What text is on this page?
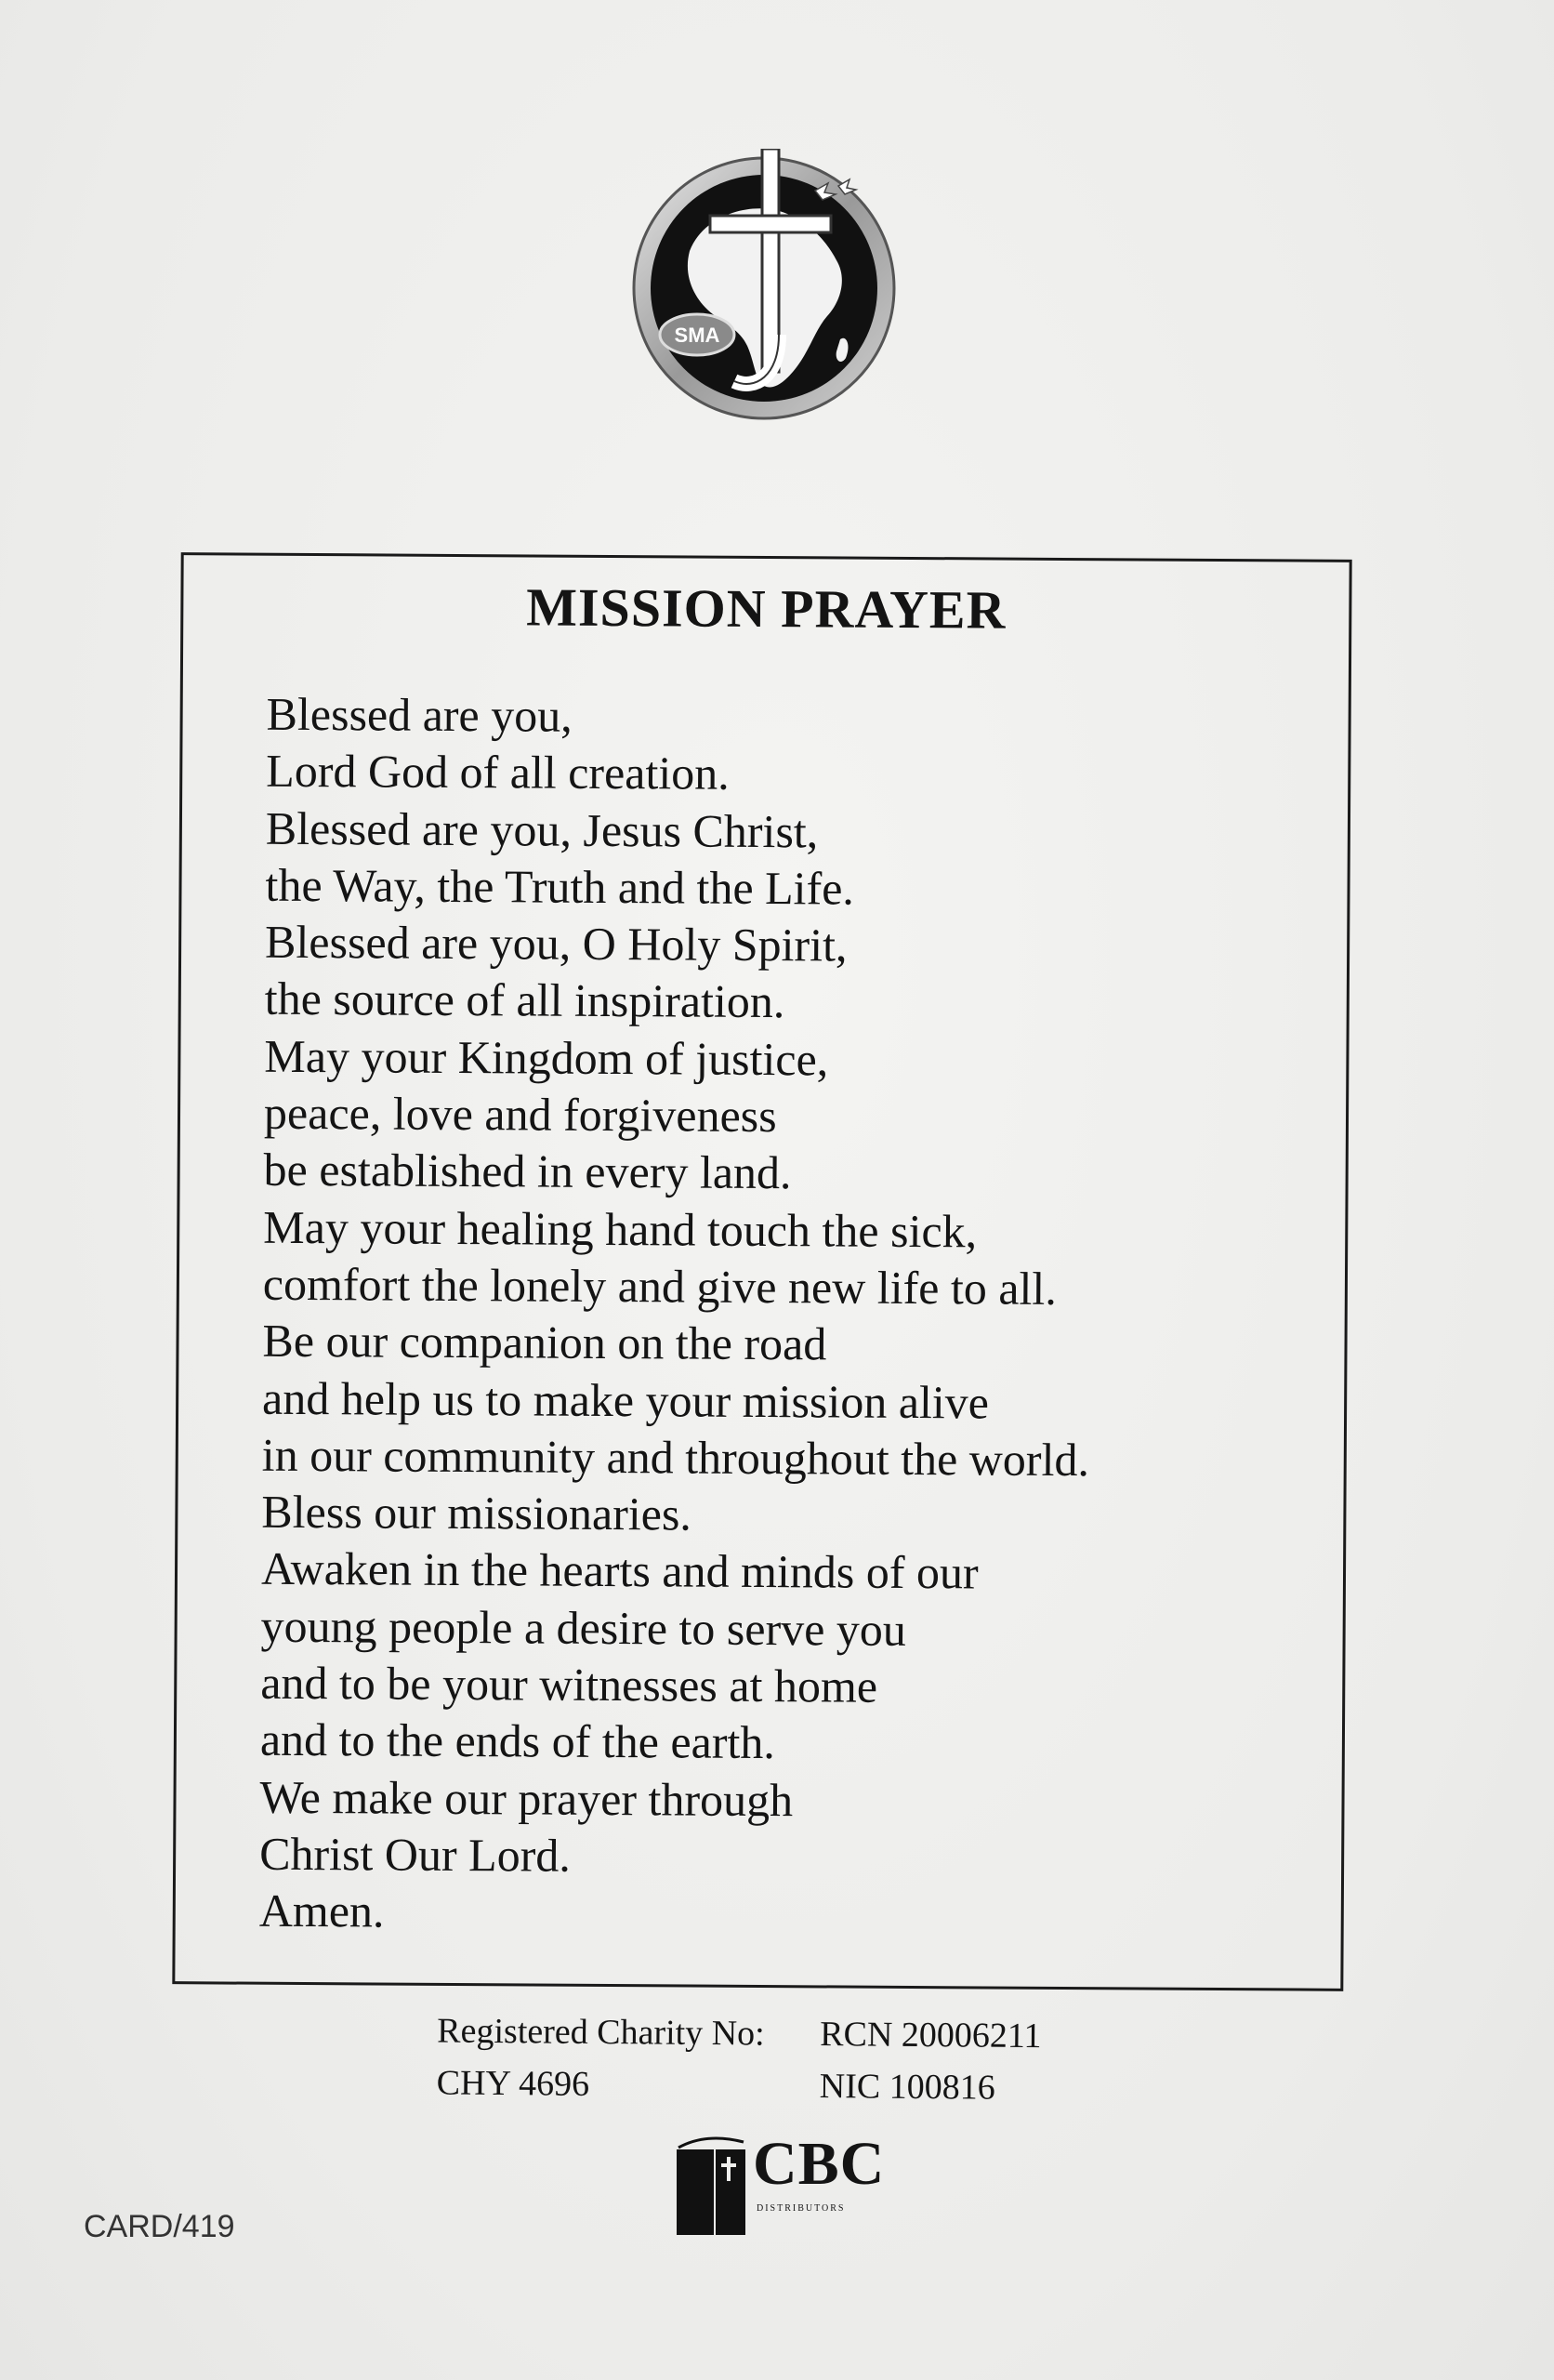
SMA
MISSION PRAYER
Blessed are you,
Lord God of all creation.
Blessed are you, Jesus Christ,
the Way, the Truth and the Life.
Blessed are you, O Holy Spirit,
the source of all inspiration.
May your Kingdom of justice,
peace, love and forgiveness
be established in every land.
May your healing hand touch the sick,
comfort the lonely and give new life to all.
Be our companion on the road
and help us to make your mission alive
in our community and throughout the world.
Bless our missionaries.
Awaken in the hearts and minds of our
young people a desire to serve you
and to be your witnesses at home
and to the ends of the earth.
We make our prayer through
Christ Our Lord.
Amen.
Registered Charity No: RCN 20006211
CHY 4696	NIC 100816
CBC
DISTRIBUTORS
CARD/419
